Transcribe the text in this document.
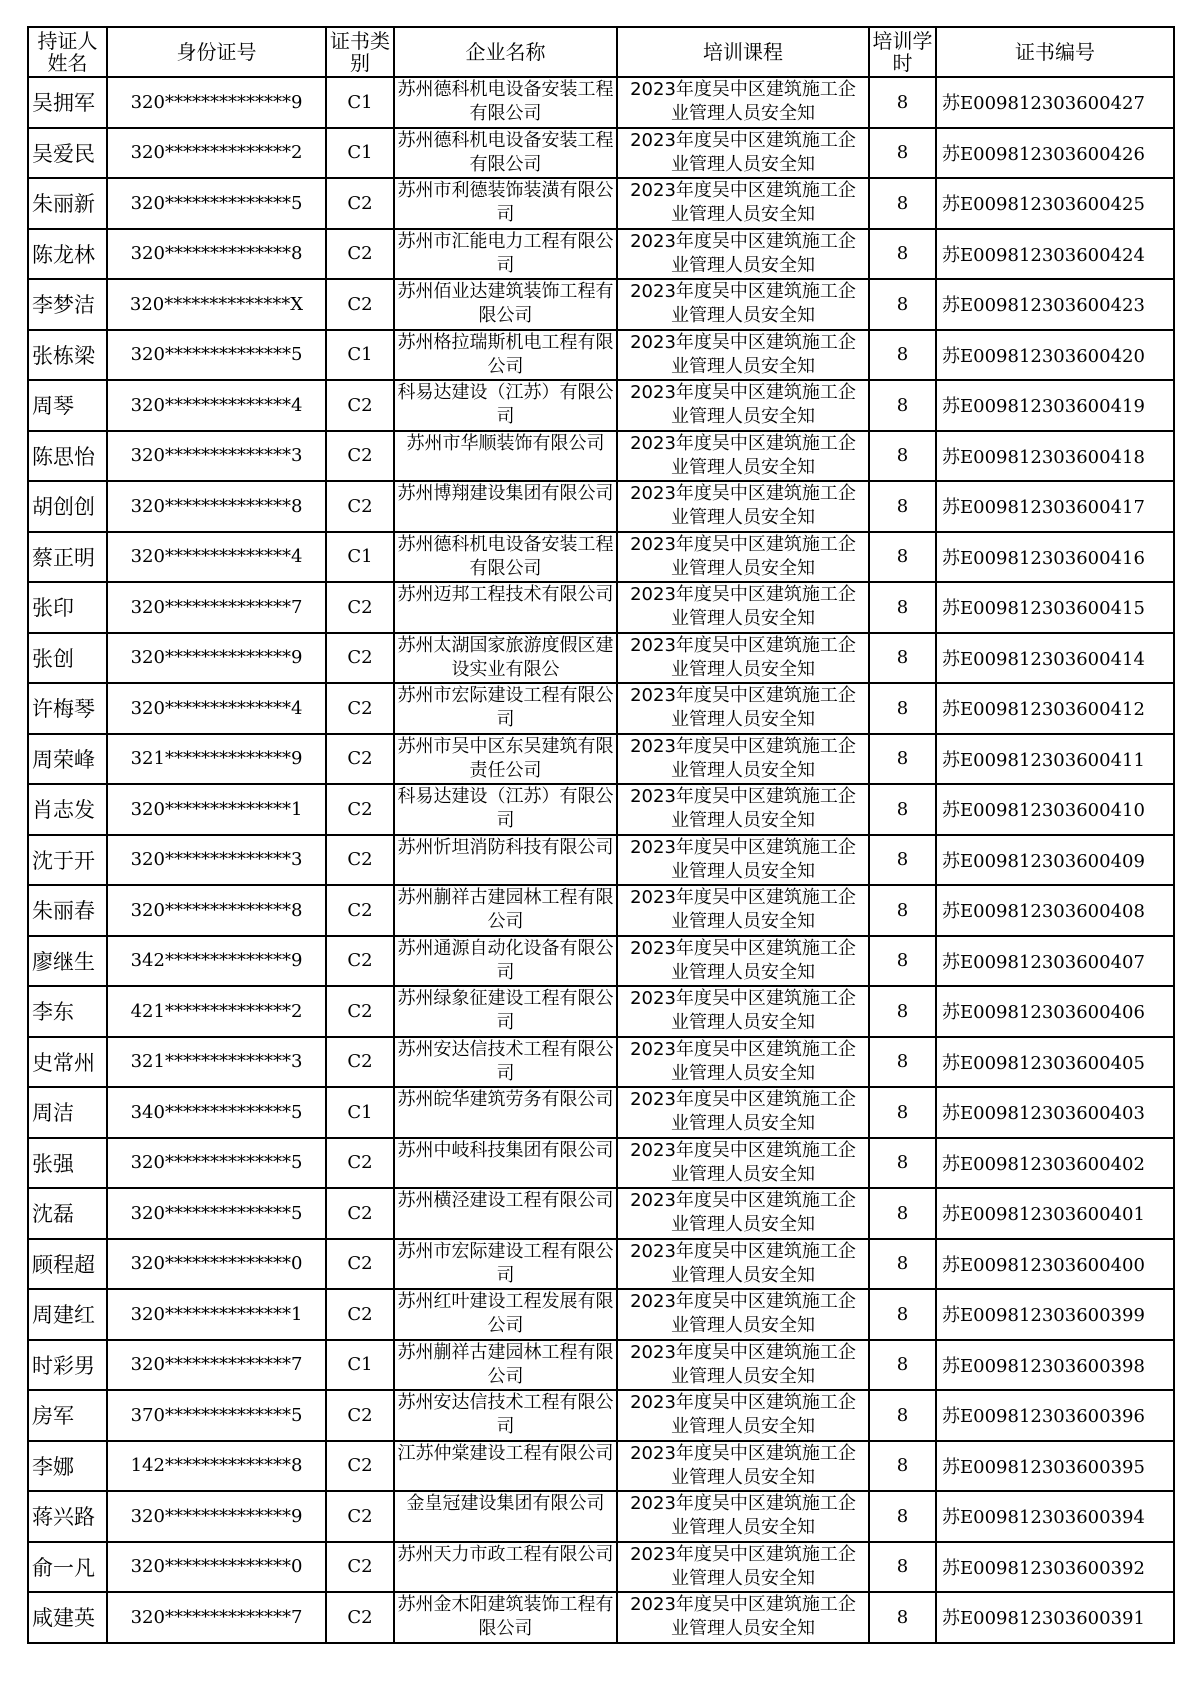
持证人姓名	身份证号	证书类别	企业名称	培训课程	培训学时	证书编号
吴拥军	320**************9	C1	苏州德科机电设备安装工程有限公司	2023年度吴中区建筑施工企业管理人员安全知	8	苏E009812303600427
吴爱民	320**************2	C1	苏州德科机电设备安装工程有限公司	2023年度吴中区建筑施工企业管理人员安全知	8	苏E009812303600426
朱丽新	320**************5	C2	苏州市利德装饰装潢有限公司	2023年度吴中区建筑施工企业管理人员安全知	8	苏E009812303600425
陈龙林	320**************8	C2	苏州市汇能电力工程有限公司	2023年度吴中区建筑施工企业管理人员安全知	8	苏E009812303600424
李梦洁	320**************X	C2	苏州佰业达建筑装饰工程有限公司	2023年度吴中区建筑施工企业管理人员安全知	8	苏E009812303600423
张栋梁	320**************5	C1	苏州格拉瑞斯机电工程有限公司	2023年度吴中区建筑施工企业管理人员安全知	8	苏E009812303600420
周琴	320**************4	C2	科易达建设（江苏）有限公司	2023年度吴中区建筑施工企业管理人员安全知	8	苏E009812303600419
陈思怡	320**************3	C2	苏州市华顺装饰有限公司	2023年度吴中区建筑施工企业管理人员安全知	8	苏E009812303600418
胡创创	320**************8	C2	苏州博翔建设集团有限公司	2023年度吴中区建筑施工企业管理人员安全知	8	苏E009812303600417
蔡正明	320**************4	C1	苏州德科机电设备安装工程有限公司	2023年度吴中区建筑施工企业管理人员安全知	8	苏E009812303600416
张印	320**************7	C2	苏州迈邦工程技术有限公司	2023年度吴中区建筑施工企业管理人员安全知	8	苏E009812303600415
张创	320**************9	C2	苏州太湖国家旅游度假区建设实业有限公	2023年度吴中区建筑施工企业管理人员安全知	8	苏E009812303600414
许梅琴	320**************4	C2	苏州市宏际建设工程有限公司	2023年度吴中区建筑施工企业管理人员安全知	8	苏E009812303600412
周荣峰	321**************9	C2	苏州市吴中区东吴建筑有限责任公司	2023年度吴中区建筑施工企业管理人员安全知	8	苏E009812303600411
肖志发	320**************1	C2	科易达建设（江苏）有限公司	2023年度吴中区建筑施工企业管理人员安全知	8	苏E009812303600410
沈于开	320**************3	C2	苏州忻坦消防科技有限公司	2023年度吴中区建筑施工企业管理人员安全知	8	苏E009812303600409
朱丽春	320**************8	C2	苏州蒯祥古建园林工程有限公司	2023年度吴中区建筑施工企业管理人员安全知	8	苏E009812303600408
廖继生	342**************9	C2	苏州通源自动化设备有限公司	2023年度吴中区建筑施工企业管理人员安全知	8	苏E009812303600407
李东	421**************2	C2	苏州绿象征建设工程有限公司	2023年度吴中区建筑施工企业管理人员安全知	8	苏E009812303600406
史常州	321**************3	C2	苏州安达信技术工程有限公司	2023年度吴中区建筑施工企业管理人员安全知	8	苏E009812303600405
周洁	340**************5	C1	苏州皖华建筑劳务有限公司	2023年度吴中区建筑施工企业管理人员安全知	8	苏E009812303600403
张强	320**************5	C2	苏州中岐科技集团有限公司	2023年度吴中区建筑施工企业管理人员安全知	8	苏E009812303600402
沈磊	320**************5	C2	苏州横泾建设工程有限公司	2023年度吴中区建筑施工企业管理人员安全知	8	苏E009812303600401
顾程超	320**************0	C2	苏州市宏际建设工程有限公司	2023年度吴中区建筑施工企业管理人员安全知	8	苏E009812303600400
周建红	320**************1	C2	苏州红叶建设工程发展有限公司	2023年度吴中区建筑施工企业管理人员安全知	8	苏E009812303600399
时彩男	320**************7	C1	苏州蒯祥古建园林工程有限公司	2023年度吴中区建筑施工企业管理人员安全知	8	苏E009812303600398
房军	370**************5	C2	苏州安达信技术工程有限公司	2023年度吴中区建筑施工企业管理人员安全知	8	苏E009812303600396
李娜	142**************8	C2	江苏仲棠建设工程有限公司	2023年度吴中区建筑施工企业管理人员安全知	8	苏E009812303600395
蒋兴路	320**************9	C2	金皇冠建设集团有限公司	2023年度吴中区建筑施工企业管理人员安全知	8	苏E009812303600394
俞一凡	320**************0	C2	苏州天力市政工程有限公司	2023年度吴中区建筑施工企业管理人员安全知	8	苏E009812303600392
咸建英	320**************7	C2	苏州金木阳建筑装饰工程有限公司	2023年度吴中区建筑施工企业管理人员安全知	8	苏E009812303600391
